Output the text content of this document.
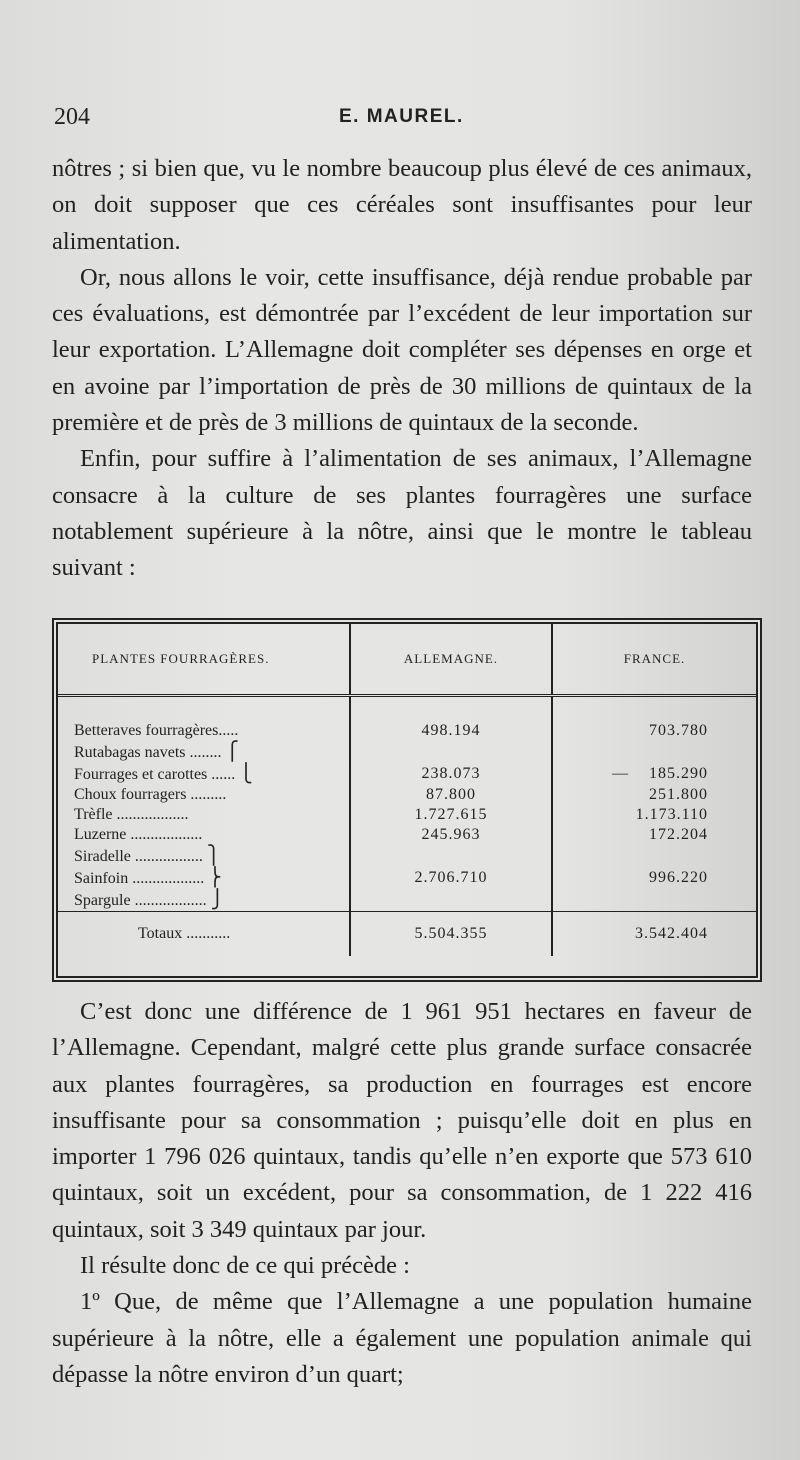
204	E. MAUREL.

nôtres ; si bien que, vu le nombre beaucoup plus élevé de ces animaux, on doit supposer que ces céréales sont insuffisantes pour leur alimentation.

Or, nous allons le voir, cette insuffisance, déjà rendue probable par ces évaluations, est démontrée par l’excédent de leur importation sur leur exportation. L’Allemagne doit compléter ses dépenses en orge et en avoine par l’importation de près de 30 millions de quintaux de la première et de près de 3 millions de quintaux de la seconde.

Enfin, pour suffire à l’alimentation de ses animaux, l’Allemagne consacre à la culture de ses plantes fourragères une surface notablement supérieure à la nôtre, ainsi que le montre le tableau suivant :

PLANTES FOURRAGÈRES.	ALLEMAGNE.	FRANCE.
Betteraves fourragères.....	498.194	703.780
Rutabagas navets ........ ⎧		
Fourrages et carottes ...... ⎩	238.073	— 185.290
Choux fourragers .........	87.800	251.800
Trèfle ..................	1.727.615	1.173.110
Luzerne ..................	245.963	172.204
Siradelle ................. ⎫		
Sainfoin .................. ⎬	2.706.710	996.220
Spargule .................. ⎭		
Totaux ...........	5.504.355	3.542.404

C’est donc une différence de 1 961 951 hectares en faveur de l’Allemagne. Cependant, malgré cette plus grande surface consacrée aux plantes fourragères, sa production en fourrages est encore insuffisante pour sa consommation ; puisqu’elle doit en plus en importer 1 796 026 quintaux, tandis qu’elle n’en exporte que 573 610 quintaux, soit un excédent, pour sa consommation, de 1 222 416 quintaux, soit 3 349 quintaux par jour.

Il résulte donc de ce qui précède :

1º Que, de même que l’Allemagne a une population humaine supérieure à la nôtre, elle a également une population animale qui dépasse la nôtre environ d’un quart;
